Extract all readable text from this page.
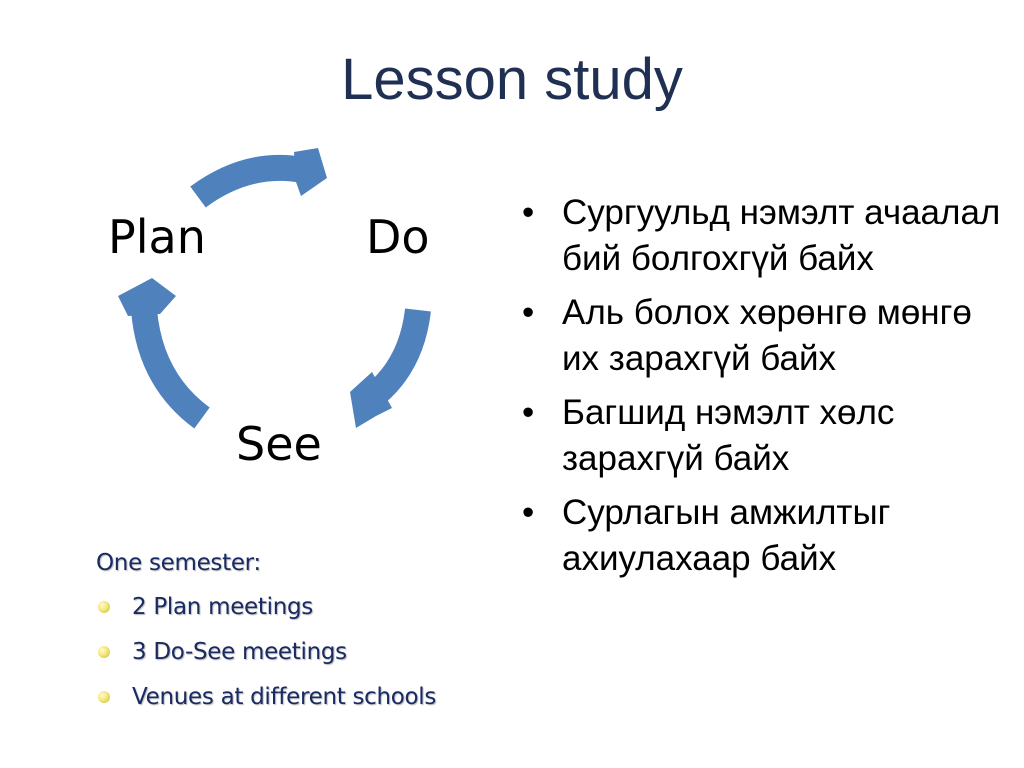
Lesson study
Plan	Do
See
One semester:
2 Plan meetings
3 Do-See meetings
Venues at different schools
• Сургуульд нэмэлт ачаалал бий болгохгүй байх
• Аль болох хөрөнгө мөнгө их зарахгүй байх
• Багшид нэмэлт хөлс зарахгүй байх
• Сурлагын амжилтыг ахиулахаар байх
